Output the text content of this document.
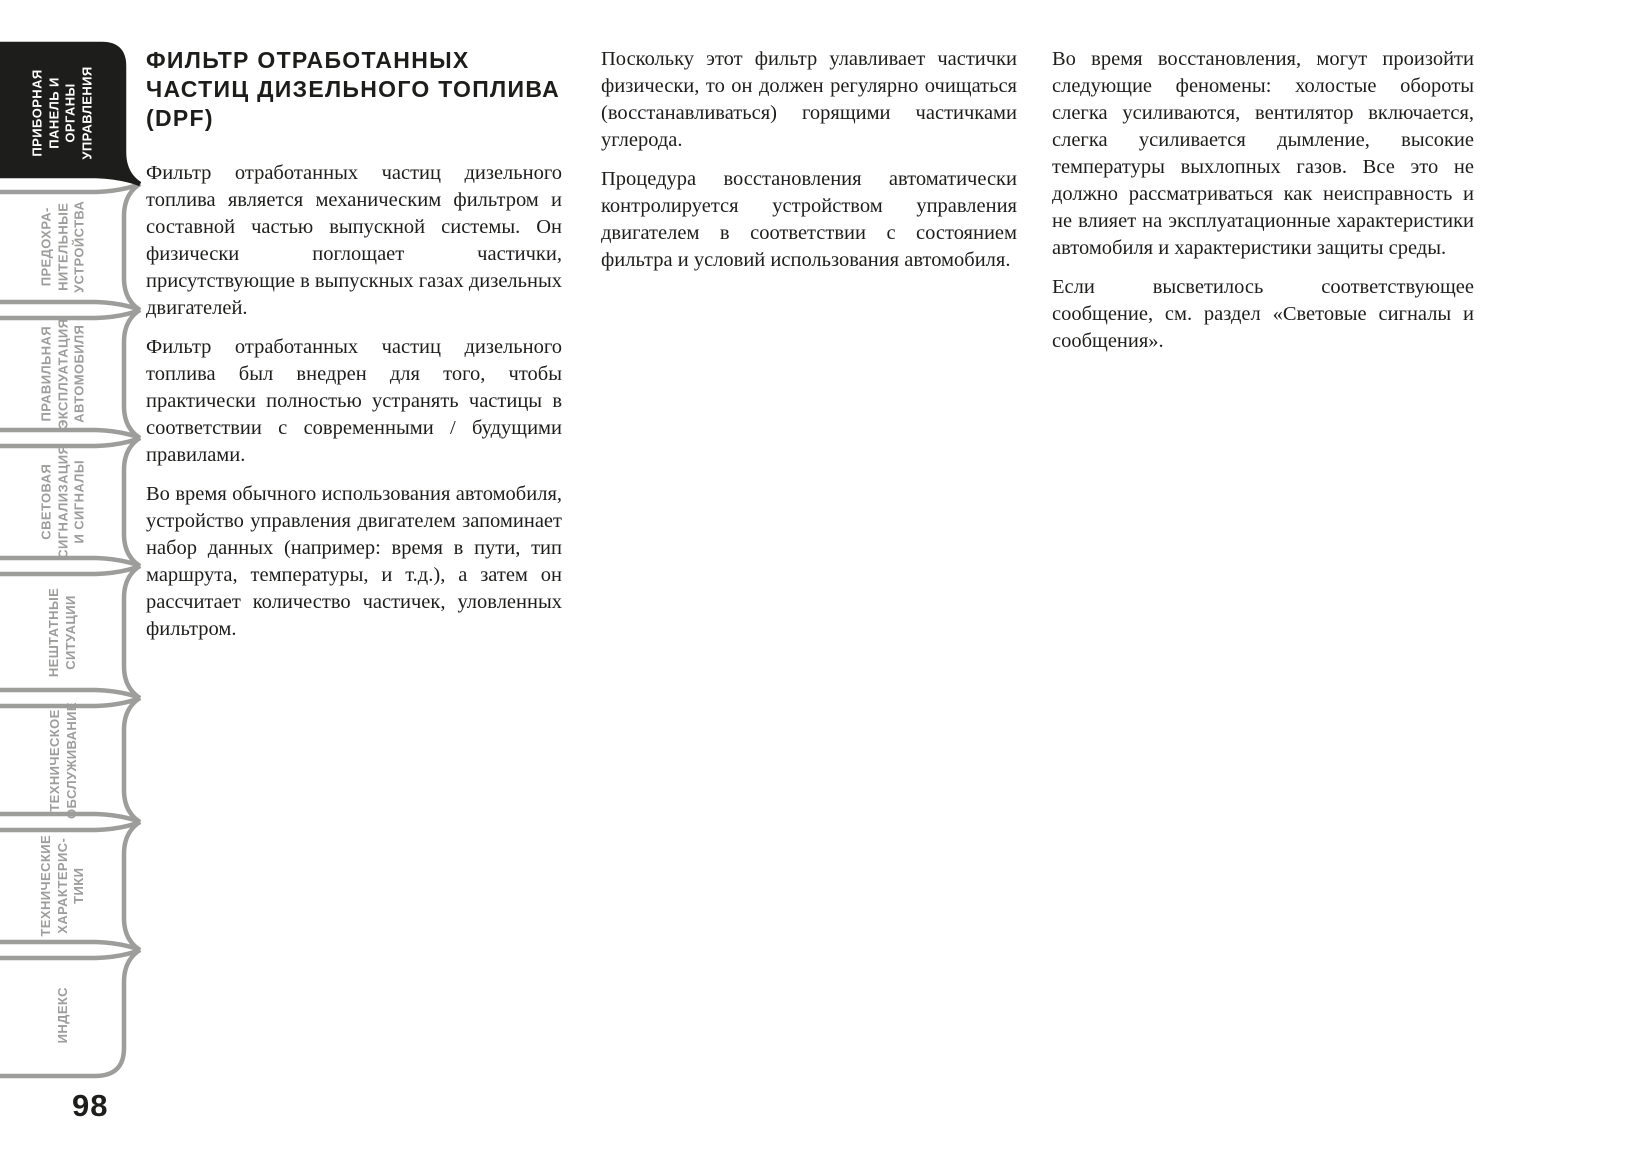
ПРИБОРНАЯ ПАНЕЛЬ И ОРГАНЫ УПРАВЛЕНИЯ
ПРЕДОХРА- НИТЕЛЬНЫЕ УСТРОЙСТВА
ПРАВИЛЬНАЯ ЭКСПЛУАТАЦИЯ АВТОМОБИЛЯ
СВЕТОВАЯ СИГНАЛИЗАЦИЯ И СИГНАЛЫ
НЕШТАТНЫЕ СИТУАЦИИ
ТЕХНИЧЕСКОЕ ОБСЛУЖИВАНИЕ
ТЕХНИЧЕСКИЕ ХАРАКТЕРИС- ТИКИ
ИНДЕКС
ФИЛЬТР ОТРАБОТАННЫХ
ЧАСТИЦ ДИЗЕЛЬНОГО ТОПЛИВА
(DPF)

Фильтр отработанных частиц дизельного топлива является механическим фильтром и составной частью выпускной системы. Он физически поглощает частички, присутствующие в выпускных газах дизельных двигателей.

Фильтр отработанных частиц дизельного топлива был внедрен для того, чтобы практически полностью устранять частицы в соответствии с современными / будущими правилами.

Во время обычного использования автомобиля, устройство управления двигателем запоминает набор данных (например: время в пути, тип маршрута, температуры, и т.д.), а затем он рассчитает количество частичек, уловленных фильтром.

Поскольку этот фильтр улавливает частички физически, то он должен регулярно очищаться (восстанавливаться) горящими частичками углерода.

Процедура восстановления автоматически контролируется устройством управления двигателем в соответствии с состоянием фильтра и условий использования автомобиля.

Во время восстановления, могут произойти следующие феномены: холостые обороты слегка усиливаются, вентилятор включается, слегка усиливается дымление, высокие температуры выхлопных газов. Все это не должно рассматриваться как неисправность и не влияет на эксплуатационные характеристики автомобиля и характеристики защиты среды.

Если высветилось соответствующее сообщение, см. раздел «Световые сигналы и сообщения».

98
